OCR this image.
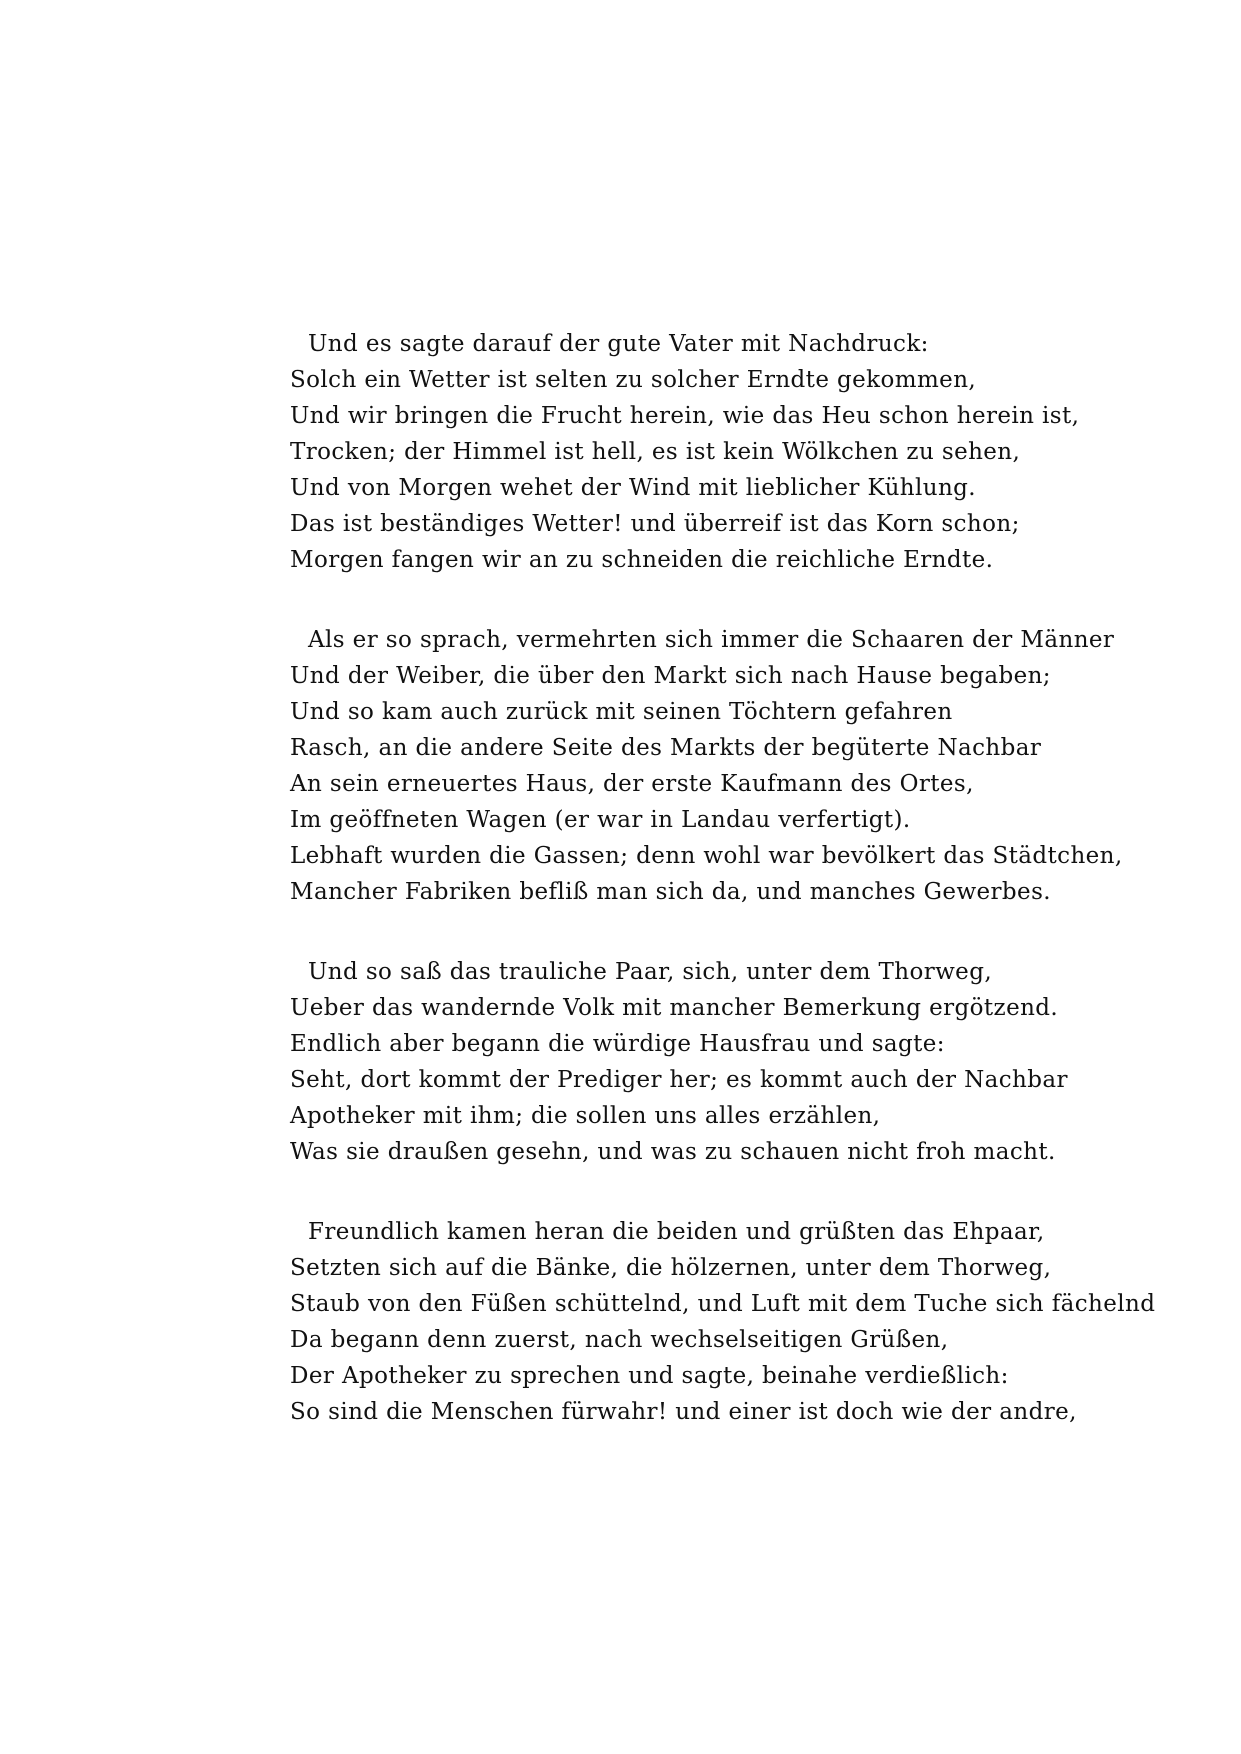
Und es sagte darauf der gute Vater mit Nachdruck:
Solch ein Wetter ist selten zu solcher Erndte gekommen,
Und wir bringen die Frucht herein, wie das Heu schon herein ist,
Trocken; der Himmel ist hell, es ist kein Wölkchen zu sehen,
Und von Morgen wehet der Wind mit lieblicher Kühlung.
Das ist beständiges Wetter! und überreif ist das Korn schon;
Morgen fangen wir an zu schneiden die reichliche Erndte.
Als er so sprach, vermehrten sich immer die Schaaren der Männer
Und der Weiber, die über den Markt sich nach Hause begaben;
Und so kam auch zurück mit seinen Töchtern gefahren
Rasch, an die andere Seite des Markts der begüterte Nachbar
An sein erneuertes Haus, der erste Kaufmann des Ortes,
Im geöffneten Wagen (er war in Landau verfertigt).
Lebhaft wurden die Gassen; denn wohl war bevölkert das Städtchen,
Mancher Fabriken befliß man sich da, und manches Gewerbes.
Und so saß das trauliche Paar, sich, unter dem Thorweg,
Ueber das wandernde Volk mit mancher Bemerkung ergötzend.
Endlich aber begann die würdige Hausfrau und sagte:
Seht, dort kommt der Prediger her; es kommt auch der Nachbar
Apotheker mit ihm; die sollen uns alles erzählen,
Was sie draußen gesehn, und was zu schauen nicht froh macht.
Freundlich kamen heran die beiden und grüßten das Ehpaar,
Setzten sich auf die Bänke, die hölzernen, unter dem Thorweg,
Staub von den Füßen schüttelnd, und Luft mit dem Tuche sich fächelnd
Da begann denn zuerst, nach wechselseitigen Grüßen,
Der Apotheker zu sprechen und sagte, beinahe verdießlich:
So sind die Menschen fürwahr! und einer ist doch wie der andre,
